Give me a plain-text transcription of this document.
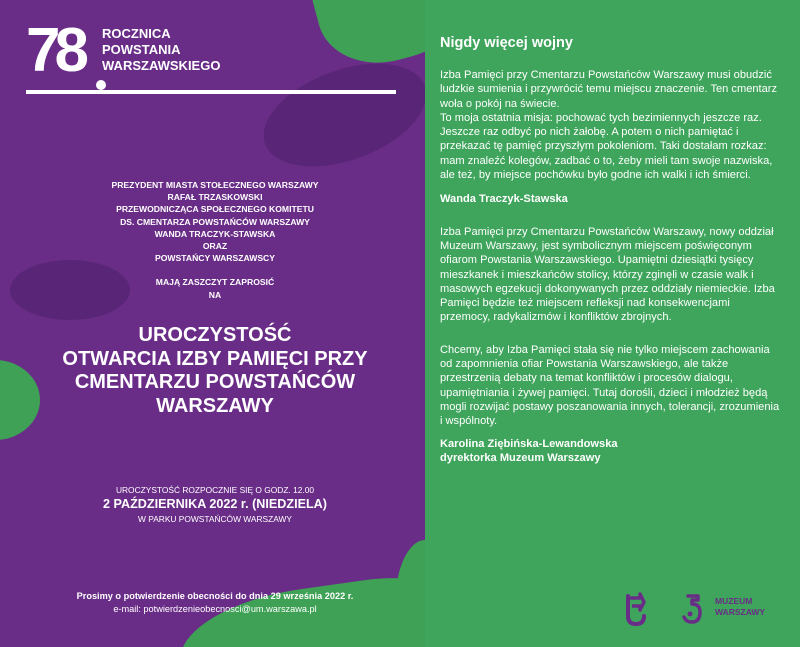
78 ROCZNICA
POWSTANIA
WARSZAWSKIEGO
PREZYDENT MIASTA STOŁECZNEGO WARSZAWY
RAFAŁ TRZASKOWSKI
PRZEWODNICZĄCA SPOŁECZNEGO KOMITETU
DS. CMENTARZA POWSTAŃCÓW WARSZAWY
WANDA TRACZYK-STAWSKA
ORAZ
POWSTAŃCY WARSZAWSCY
MAJĄ ZASZCZYT ZAPROSIĆ
NA
UROCZYSTOŚĆ
OTWARCIA IZBY PAMIĘCI PRZY
CMENTARZU POWSTAŃCÓW
WARSZAWY
UROCZYSTOŚĆ ROZPOCZNIE SIĘ O GODZ. 12.00
2 PAŹDZIERNIKA 2022 r. (NIEDZIELA)
W PARKU POWSTAŃCÓW WARSZAWY
Prosimy o potwierdzenie obecności do dnia 29 września 2022 r.
e-mail: potwierdzenieobecnosci@um.warszawa.pl
Nigdy więcej wojny

Izba Pamięci przy Cmentarzu Powstańców Warszawy musi obudzić ludzkie sumienia i przywrócić temu miejscu znaczenie. Ten cmentarz woła o pokój na świecie.

To moja ostatnia misja: pochować tych bezimiennych jeszcze raz. Jeszcze raz odbyć po nich żałobę. A potem o nich pamiętać i przekazać tę pamięć przyszłym pokoleniom. Taki dostałam rozkaz: mam znaleźć kolegów, zadbać o to, żeby mieli tam swoje nazwiska, ale też, by miejsce pochówku było godne ich walki i ich śmierci.

Wanda Traczyk-Stawska

Izba Pamięci przy Cmentarzu Powstańców Warszawy, nowy oddział Muzeum Warszawy, jest symbolicznym miejscem poświęconym ofiarom Powstania Warszawskiego. Upamiętni dziesiątki tysięcy mieszkanek i mieszkańców stolicy, którzy zginęli w czasie walk i masowych egzekucji dokonywanych przez oddziały niemieckie. Izba Pamięci będzie też miejscem refleksji nad konsekwencjami przemocy, radykalizmów i konfliktów zbrojnych.

Chcemy, aby Izba Pamięci stała się nie tylko miejscem zachowania od zapomnienia ofiar Powstania Warszawskiego, ale także przestrzenią debaty na temat konfliktów i procesów dialogu, upamiętniania i żywej pamięci. Tutaj dorośli, dzieci i młodzież będą mogli rozwijać postawy poszanowania innych, tolerancji, zrozumienia i wspólnoty.

Karolina Ziębińska-Lewandowska

dyrektorka Muzeum Warszawy

MUZEUM
WARSZAWY
